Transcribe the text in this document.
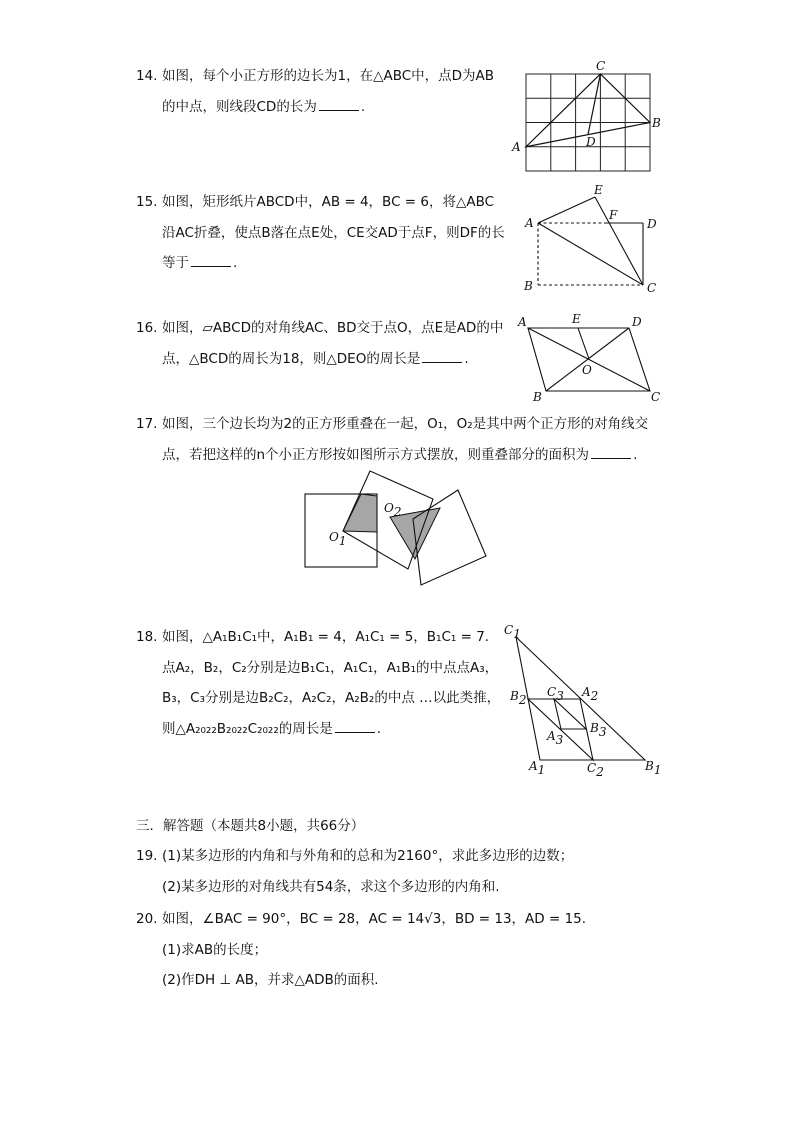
14. 如图，每个小正方形的边长为1，在△ABC中，点D为AB
的中点，则线段CD的长为	.
A
B
C
D
15. 如图，矩形纸片ABCD中，AB = 4，BC = 6，将△ABC
沿AC折叠，使点B落在点E处，CE交AD于点F，则DF的长
等于	.
A
B	C
D
E
F
16. 如图，▱ABCD的对角线AC、BD交于点O，点E是AD的中
点，△BCD的周长为18，则△DEO的周长是	.
A
B	C
D
E
O
17. 如图，三个边长均为2的正方形重叠在一起，O₁，O₂是其中两个正方形的对角线交
点，若把这样的n个小正方形按如图所示方式摆放，则重叠部分的面积为	.
O1
O2
18. 如图，△A₁B₁C₁中，A₁B₁ = 4，A₁C₁ = 5，B₁C₁ = 7.
点A₂，B₂，C₂分别是边B₁C₁，A₁C₁，A₁B₁的中点点A₃，
B₃，C₃分别是边B₂C₂，A₂C₂，A₂B₂的中点 …以此类推，
则△A₂₀₂₂B₂₀₂₂C₂₀₂₂的周长是	.
C1
B2
C3 A2
B3
A3
A1	C2	B1
三．解答题（本题共8小题，共66分）
19. (1)某多边形的内角和与外角和的总和为2160°，求此多边形的边数；
(2)某多边形的对角线共有54条，求这个多边形的内角和.
20. 如图，∠BAC = 90°，BC = 28，AC = 14√3，BD = 13，AD = 15.
(1)求AB的长度；
(2)作DH ⊥ AB，并求△ADB的面积.
